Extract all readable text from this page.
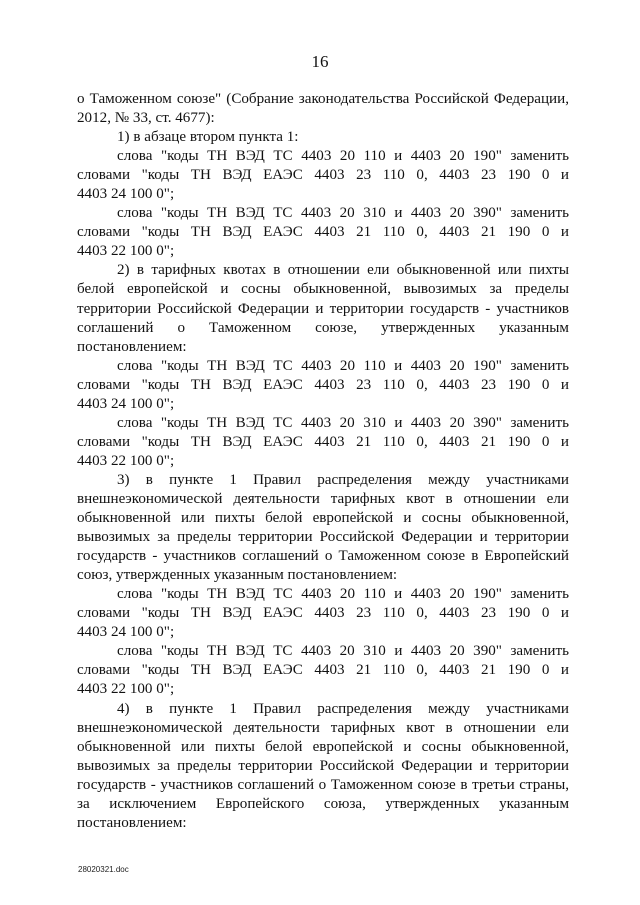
16
о Таможенном союзе" (Собрание законодательства Российской Федерации,
2012, № 33, ст. 4677):
1) в абзаце втором пункта 1:
слова "коды ТН ВЭД ТС 4403 20 110 и 4403 20 190" заменить
словами "коды ТН ВЭД ЕАЭС 4403 23 110 0, 4403 23 190 0 и
4403 24 100 0";
слова "коды ТН ВЭД ТС 4403 20 310 и 4403 20 390" заменить
словами "коды ТН ВЭД ЕАЭС 4403 21 110 0, 4403 21 190 0 и
4403 22 100 0";
2) в тарифных квотах в отношении ели обыкновенной или пихты
белой европейской и сосны обыкновенной, вывозимых за пределы
территории Российской Федерации и территории государств - участников
соглашений о Таможенном союзе, утвержденных указанным
постановлением:
слова "коды ТН ВЭД ТС 4403 20 110 и 4403 20 190" заменить
словами "коды ТН ВЭД ЕАЭС 4403 23 110 0, 4403 23 190 0 и
4403 24 100 0";
слова "коды ТН ВЭД ТС 4403 20 310 и 4403 20 390" заменить
словами "коды ТН ВЭД ЕАЭС 4403 21 110 0, 4403 21 190 0 и
4403 22 100 0";
3) в пункте 1 Правил распределения между участниками
внешнеэкономической деятельности тарифных квот в отношении ели
обыкновенной или пихты белой европейской и сосны обыкновенной,
вывозимых за пределы территории Российской Федерации и территории
государств - участников соглашений о Таможенном союзе в Европейский
союз, утвержденных указанным постановлением:
слова "коды ТН ВЭД ТС 4403 20 110 и 4403 20 190" заменить
словами "коды ТН ВЭД ЕАЭС 4403 23 110 0, 4403 23 190 0 и
4403 24 100 0";
слова "коды ТН ВЭД ТС 4403 20 310 и 4403 20 390" заменить
словами "коды ТН ВЭД ЕАЭС 4403 21 110 0, 4403 21 190 0 и
4403 22 100 0";
4) в пункте 1 Правил распределения между участниками
внешнеэкономической деятельности тарифных квот в отношении ели
обыкновенной или пихты белой европейской и сосны обыкновенной,
вывозимых за пределы территории Российской Федерации и территории
государств - участников соглашений о Таможенном союзе в третьи страны,
за исключением Европейского союза, утвержденных указанным
постановлением:
28020321.doc
